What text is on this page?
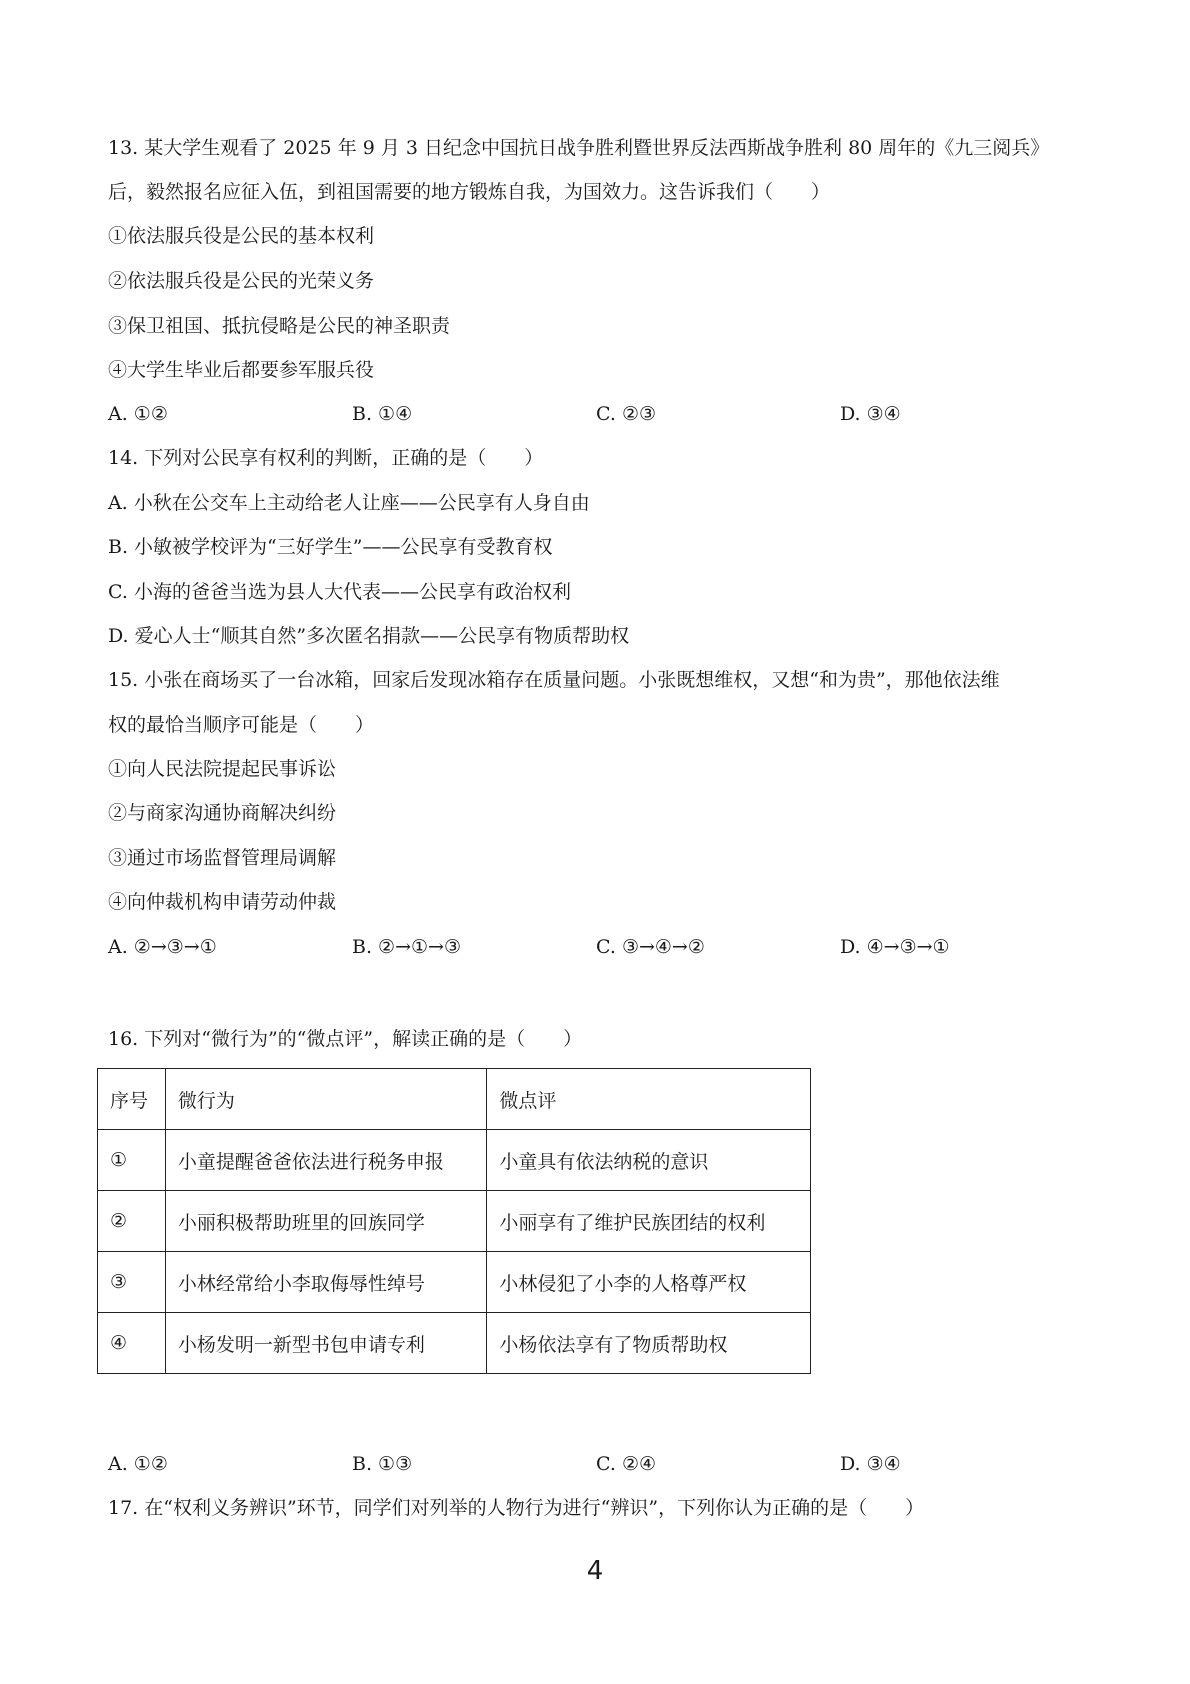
13. 某大学生观看了 2025 年 9 月 3 日纪念中国抗日战争胜利暨世界反法西斯战争胜利 80 周年的《九三阅兵》
后，毅然报名应征入伍，到祖国需要的地方锻炼自我，为国效力。这告诉我们（　　）
①依法服兵役是公民的基本权利
②依法服兵役是公民的光荣义务
③保卫祖国、抵抗侵略是公民的神圣职责
④大学生毕业后都要参军服兵役
A. ①②	B. ①④	C. ②③	D. ③④
14. 下列对公民享有权利的判断，正确的是（　　）
A. 小秋在公交车上主动给老人让座——公民享有人身自由
B. 小敏被学校评为“三好学生”——公民享有受教育权
C. 小海的爸爸当选为县人大代表——公民享有政治权利
D. 爱心人士“顺其自然”多次匿名捐款——公民享有物质帮助权
15. 小张在商场买了一台冰箱，回家后发现冰箱存在质量问题。小张既想维权，又想“和为贵”，那他依法维
权的最恰当顺序可能是（　　）
①向人民法院提起民事诉讼
②与商家沟通协商解决纠纷
③通过市场监督管理局调解
④向仲裁机构申请劳动仲裁
A. ②→③→①	B. ②→①→③	C. ③→④→②	D. ④→③→①
16. 下列对“微行为”的“微点评”，解读正确的是（　　）
序号	微行为	微点评
①	小童提醒爸爸依法进行税务申报	小童具有依法纳税的意识
②	小丽积极帮助班里的回族同学	小丽享有了维护民族团结的权利
③	小林经常给小李取侮辱性绰号	小林侵犯了小李的人格尊严权
④	小杨发明一新型书包申请专利	小杨依法享有了物质帮助权
A. ①②	B. ①③	C. ②④	D. ③④
17. 在“权利义务辨识”环节，同学们对列举的人物行为进行“辨识”，下列你认为正确的是（　　）
4
